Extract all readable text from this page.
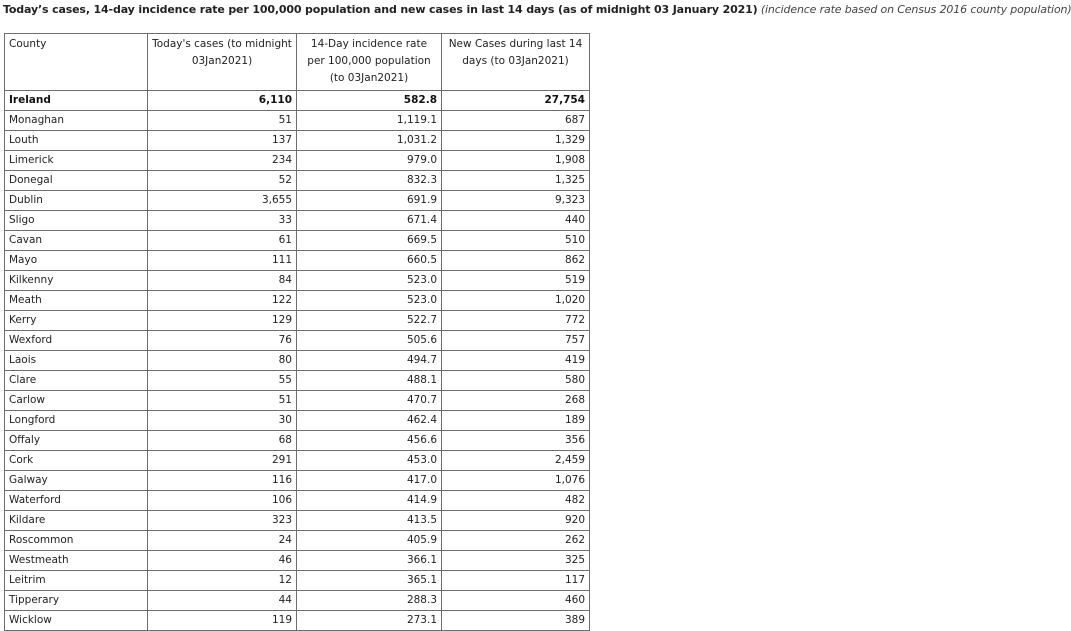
Today’s cases, 14-day incidence rate per 100,000 population and new cases in last 14 days (as of midnight 03 January 2021) (incidence rate based on Census 2016 county population)
County	Today's cases (to midnight 03Jan2021)	14-Day incidence rate per 100,000 population (to 03Jan2021)	New Cases during last 14 days (to 03Jan2021)
Ireland	6,110	582.8	27,754
Monaghan	51	1,119.1	687
Louth	137	1,031.2	1,329
Limerick	234	979.0	1,908
Donegal	52	832.3	1,325
Dublin	3,655	691.9	9,323
Sligo	33	671.4	440
Cavan	61	669.5	510
Mayo	111	660.5	862
Kilkenny	84	523.0	519
Meath	122	523.0	1,020
Kerry	129	522.7	772
Wexford	76	505.6	757
Laois	80	494.7	419
Clare	55	488.1	580
Carlow	51	470.7	268
Longford	30	462.4	189
Offaly	68	456.6	356
Cork	291	453.0	2,459
Galway	116	417.0	1,076
Waterford	106	414.9	482
Kildare	323	413.5	920
Roscommon	24	405.9	262
Westmeath	46	366.1	325
Leitrim	12	365.1	117
Tipperary	44	288.3	460
Wicklow	119	273.1	389
